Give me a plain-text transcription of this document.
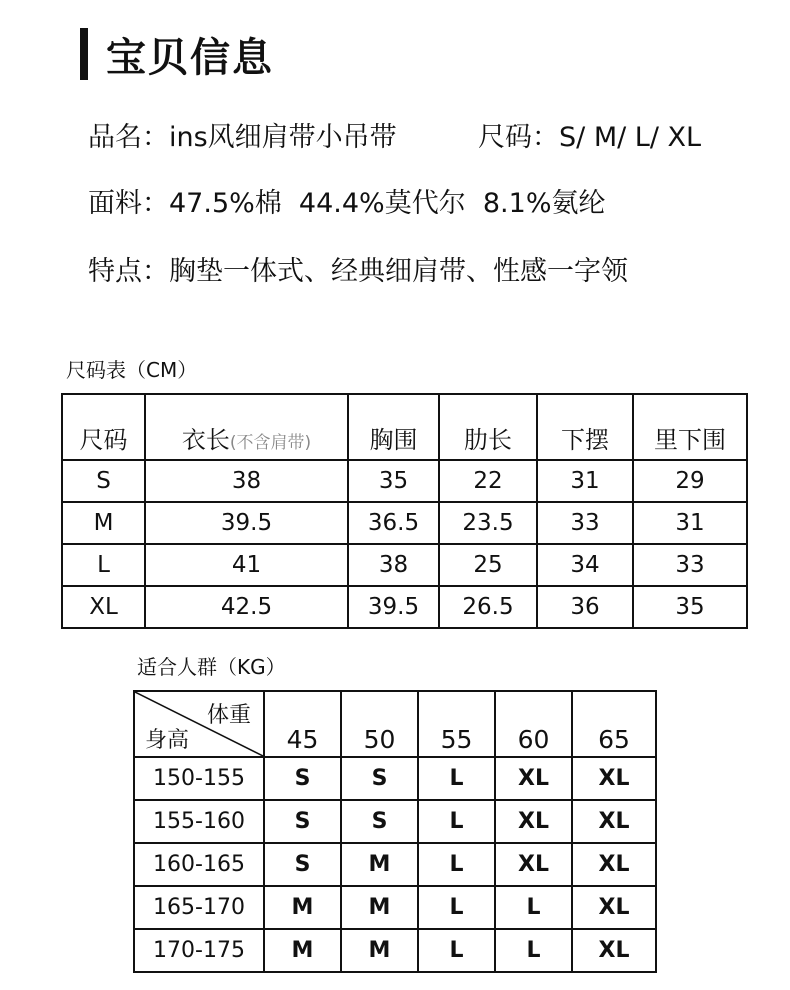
宝贝信息
品名：ins风细肩带小吊带	尺码：S/ M/ L/ XL
面料：47.5%棉  44.4%莫代尔  8.1%氨纶
特点：胸垫一体式、经典细肩带、性感一字领
尺码表（CM）
尺码	衣长(不含肩带)	胸围	肋长	下摆	里下围
S	38	35	22	31	29
M	39.5	36.5	23.5	33	31
L	41	38	25	34	33
XL	42.5	39.5	26.5	36	35
适合人群（KG）
体重
身高	45	50	55	60	65
150-155	S	S	L	XL	XL
155-160	S	S	L	XL	XL
160-165	S	M	L	XL	XL
165-170	M	M	L	L	XL
170-175	M	M	L	L	XL
